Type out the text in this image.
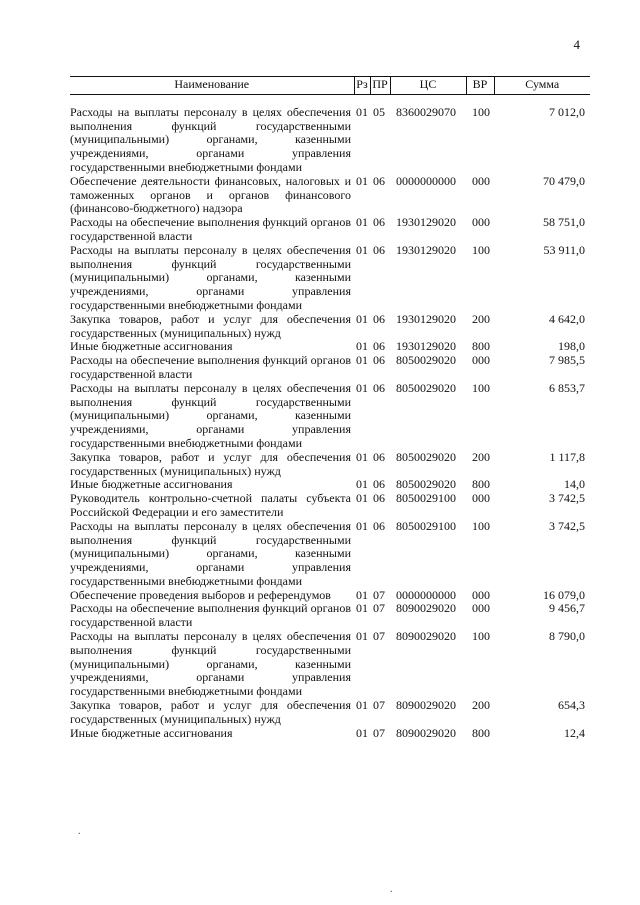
4
Наименование	Рз	ПР	ЦС	ВР	Сумма
Расходы на выплаты персоналу в целях обеспечения выполнения функций государственными (муниципальными) органами, казенными учреждениями, органами управления государственными внебюджетными фондами	01	05	8360029070	100	7 012,0
Обеспечение деятельности финансовых, налоговых и таможенных органов и органов финансового (финансово-бюджетного) надзора	01	06	0000000000	000	70 479,0
Расходы на обеспечение выполнения функций органов государственной власти	01	06	1930129020	000	58 751,0
Расходы на выплаты персоналу в целях обеспечения выполнения функций государственными (муниципальными) органами, казенными учреждениями, органами управления государственными внебюджетными фондами	01	06	1930129020	100	53 911,0
Закупка товаров, работ и услуг для обеспечения государственных (муниципальных) нужд	01	06	1930129020	200	4 642,0
Иные бюджетные ассигнования	01	06	1930129020	800	198,0
Расходы на обеспечение выполнения функций органов государственной власти	01	06	8050029020	000	7 985,5
Расходы на выплаты персоналу в целях обеспечения выполнения функций государственными (муниципальными) органами, казенными учреждениями, органами управления государственными внебюджетными фондами	01	06	8050029020	100	6 853,7
Закупка товаров, работ и услуг для обеспечения государственных (муниципальных) нужд	01	06	8050029020	200	1 117,8
Иные бюджетные ассигнования	01	06	8050029020	800	14,0
Руководитель контрольно-счетной палаты субъекта Российской Федерации и его заместители	01	06	8050029100	000	3 742,5
Расходы на выплаты персоналу в целях обеспечения выполнения функций государственными (муниципальными) органами, казенными учреждениями, органами управления государственными внебюджетными фондами	01	06	8050029100	100	3 742,5
Обеспечение проведения выборов и референдумов	01	07	0000000000	000	16 079,0
Расходы на обеспечение выполнения функций органов государственной власти	01	07	8090029020	000	9 456,7
Расходы на выплаты персоналу в целях обеспечения выполнения функций государственными (муниципальными) органами, казенными учреждениями, органами управления государственными внебюджетными фондами	01	07	8090029020	100	8 790,0
Закупка товаров, работ и услуг для обеспечения государственных (муниципальных) нужд	01	07	8090029020	200	654,3
Иные бюджетные ассигнования	01	07	8090029020	800	12,4
.
.
